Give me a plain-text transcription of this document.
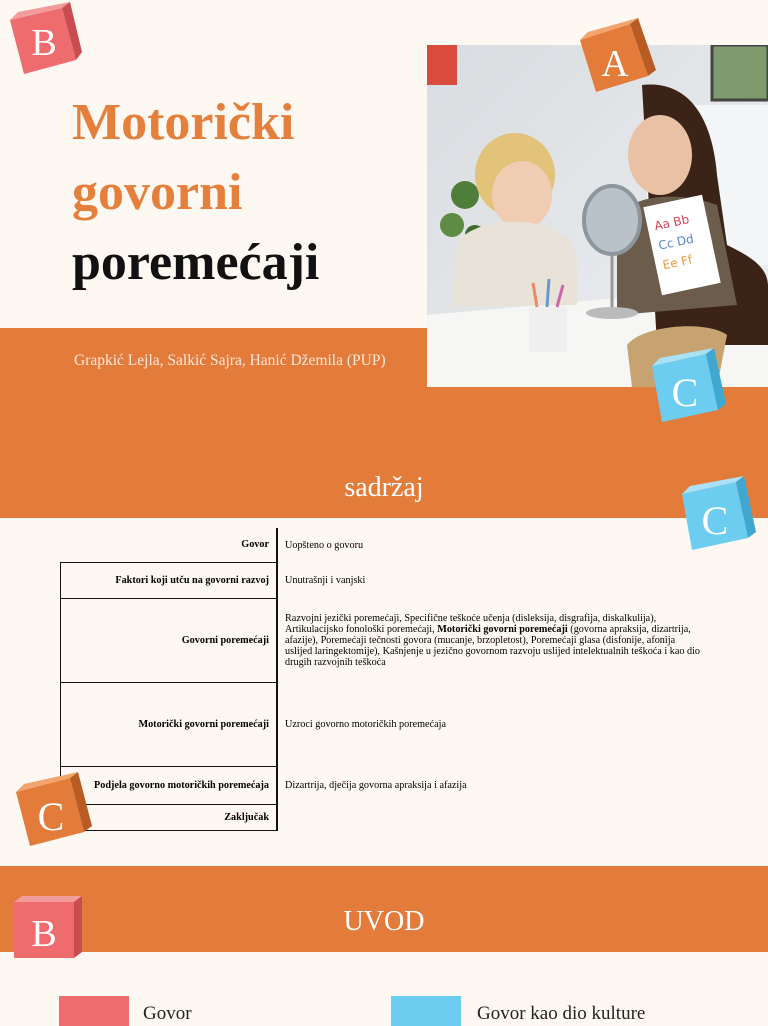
Motorički
govorni
poremećaji
Grapkić Lejla, Salkić Sajra, Hanić Džemila (PUP)
Aa Bb
Cc Dd
Ee Ff
B	A
C
sadržaj
C
Govor	Uopšteno o govoru
Faktori koji utču na govorni razvoj	Unutrašnji i vanjski
Govorni poremećaji	Razvojni jezički poremećaji, Specifične teškoće učenja (disleksija, disgrafija, diskalkulija), Artikulacijsko fonološki poremećaji, Motorički govorni poremećaji (govorna apraksija, dizartrija, afazije), Poremećaji tečnosti govora (mucanje, brzopletost), Poremećaji glasa (disfonije, afonija uslijed laringektomije), Kašnjenje u jezično govornom razvoju uslijed intelektualnih teškoća i kao dio drugih razvojnih teškoća
Motorički govorni poremećaji	Uzroci govorno motoričkih poremećaja
Podjela govorno motoričkih poremećaja	Dizartrija, dječija govorna apraksija i afazija
Zaključak	
C
UVOD
B
Govor	Govor kao dio kulture
